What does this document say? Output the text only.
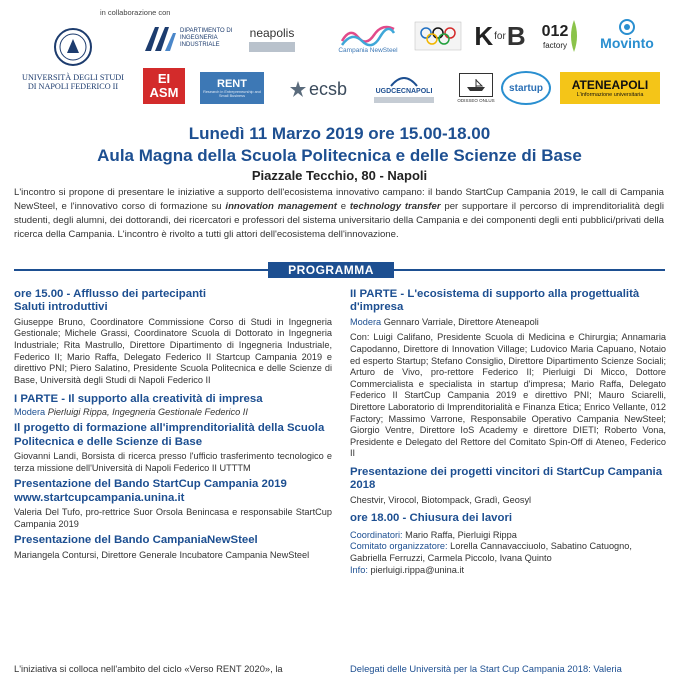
in collaborazione con
UNIVERSITÀ DEGLI STUDI
DI NAPOLI FEDERICO II
DIPARTIMENTO DI
INGEGNERIA
INDUSTRIALE
neapolis
Campania NewSteel	K for B 012
factory Movinto
EI
ASM
RENT
Research in Entrepreneurship and Small Business	ecsb	UGDCECNAPOLI
ODISSEO ONLUS
startup ATENEAPOLI
L'informazione universitaria
Lunedì 11 Marzo 2019 ore 15.00-18.00
Aula Magna della Scuola Politecnica e delle Scienze di Base
Piazzale Tecchio, 80 - Napoli
L'incontro si propone di presentare le iniziative a supporto dell'ecosistema innovativo campano: il bando StartCup Campania 2019, le call di Campania NewSteel, e l'innovativo corso di formazione su innovation management e technology transfer per supportare il percorso di imprenditorialità degli studenti, degli alumni, dei dottorandi, dei ricercatori e professori del sistema universitario della Campania e dei componenti degli enti pubblici/privati della ricerca della Campania. L'incontro è rivolto a tutti gli attori dell'ecosistema dell'innovazione.
PROGRAMMA
ore 15.00 - Afflusso dei partecipanti
Saluti introduttivi

Giuseppe Bruno, Coordinatore Commissione Corso di Studi in Ingegneria Gestionale; Michele Grassi, Coordinatore Scuola di Dottorato in Ingegneria Industriale; Rita Mastrullo, Direttore Dipartimento di Ingegneria Industriale, Federico II; Mario Raffa, Delegato Federico II Startcup Campania 2019 e direttivo PNI; Piero Salatino, Presidente Scuola Politecnica e delle Scienze di Base, Università degli Studi di Napoli Federico II

I PARTE - Il supporto alla creatività di impresa

Modera Pierluigi Rippa, Ingegneria Gestionale Federico II

Il progetto di formazione all'imprenditorialità della Scuola Politecnica e delle Scienze di Base

Giovanni Landi, Borsista di ricerca presso l'ufficio trasferimento tecnologico e terza missione dell'Università di Napoli Federico II UTTTM

Presentazione del Bando StartCup Campania 2019
www.startcupcampania.unina.it

Valeria Del Tufo, pro-rettrice Suor Orsola Benincasa e responsabile StartCup Campania 2019

Presentazione del Bando CampaniaNewSteel

Mariangela Contursi, Direttore Generale Incubatore Campania NewSteel

II PARTE - L'ecosistema di supporto alla progettualità d'impresa

Modera Gennaro Varriale, Direttore Ateneapoli

Con: Luigi Califano, Presidente Scuola di Medicina e Chirurgia; Annamaria Capodanno, Direttore di Innovation Village; Ludovico Maria Capuano, Notaio ed esperto Startup; Stefano Consiglio, Direttore Dipartimento Scienze Sociali; Arturo de Vivo, pro-rettore Federico II; Pierluigi Di Micco, Dottore Commercialista e specialista in startup d'impresa; Mario Raffa, Delegato Federico II StartCup Campania 2019 e direttivo PNI; Mauro Sciarelli, Direttore Laboratorio di Imprenditorialità e Finanza Etica; Enrico Vellante, 012 Factory; Massimo Varrone, Responsabile Operativo Campania NewSteel; Giorgio Ventre, Direttore IoS Academy e direttore DIETI; Roberto Vona, Presidente e Delegato del Rettore del Comitato Spin-Off di Ateneo, Federico II

Presentazione dei progetti vincitori di StartCup Campania 2018

Chestvir, Virocol, Biotompack, Gradì, Geosyl

ore 18.00 - Chiusura dei lavori

Coordinatori: Mario Raffa, Pierluigi Rippa

Comitato organizzatore: Lorella Cannavacciuolo, Sabatino Catuogno, Gabriella Ferruzzi, Carmela Piccolo, Ivana Quinto

Info: pierluigi.rippa@unina.it

L'iniziativa si colloca nell'ambito del ciclo «Verso RENT 2020», la	Delegati delle Università per la Start Cup Campania 2018: Valeria
